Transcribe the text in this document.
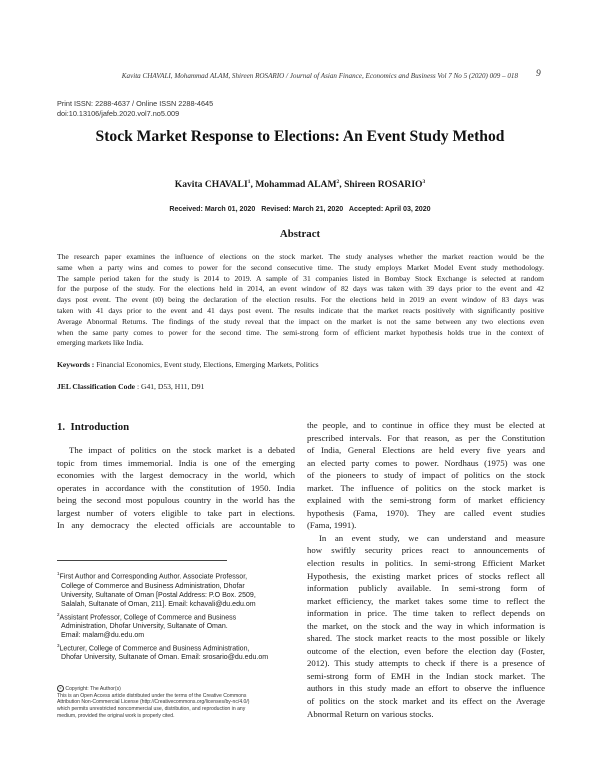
Kavita CHAVALI, Mohammad ALAM, Shireen ROSARIO / Journal of Asian Finance, Economics and Business Vol 7 No 5 (2020) 009 – 018 9
Print ISSN: 2288-4637 / Online ISSN 2288-4645
doi:10.13106/jafeb.2020.vol7.no5.009
Stock Market Response to Elections: An Event Study Method
Kavita CHAVALI$^1$, Mohammad ALAM$^2$, Shireen ROSARIO$^3$
Received: March 01, 2020   Revised: March 21, 2020   Accepted: April 03, 2020
Abstract
The research paper examines the influence of elections on the stock market. The study analyses whether the market reaction would be the
same when a party wins and comes to power for the second consecutive time. The study employs Market Model Event study methodology.
The sample period taken for the study is 2014 to 2019. A sample of 31 companies listed in Bombay Stock Exchange is selected at random
for the purpose of the study. For the elections held in 2014, an event window of 82 days was taken with 39 days prior to the event and 42
days post event. The event (t0) being the declaration of the election results. For the elections held in 2019 an event window of 83 days was
taken with 41 days prior to the event and 41 days post event. The results indicate that the market reacts positively with significantly positive
Average Abnormal Returns. The findings of the study reveal that the impact on the market is not the same between any two elections even
when the same party comes to power for the second time. The semi-strong form of efficient market hypothesis holds true in the context of
emerging markets like India.
Keywords : Financial Economics, Event study, Elections, Emerging Markets, Politics
JEL Classification Code : G41, D53, H11, D91
1.  Introduction
The impact of politics on the stock market is a debated
topic from times immemorial. India is one of the emerging
economies with the largest democracy in the world, which
operates in accordance with the constitution of 1950. India
being the second most populous country in the world has the
largest number of voters eligible to take part in elections.
In any democracy the elected officials are accountable to
the people, and to continue in office they must be elected at
prescribed intervals. For that reason, as per the Constitution
of India, General Elections are held every five years and
an elected party comes to power. Nordhaus (1975) was one
of the pioneers to study of impact of politics on the stock
market. The influence of politics on the stock market is
explained with the semi-strong form of market efficiency
hypothesis (Fama, 1970). They are called event studies
(Fama, 1991).
In an event study, we can understand and measure
how swiftly security prices react to announcements of
election results in politics. In semi-strong Efficient Market
Hypothesis, the existing market prices of stocks reflect all
information publicly available. In semi-strong form of
market efficiency, the market takes some time to reflect the
information in price. The time taken to reflect depends on
the market, on the stock and the way in which information is
shared. The stock market reacts to the most possible or likely
outcome of the election, even before the election day (Foster,
2012). This study attempts to check if there is a presence of
semi-strong form of EMH in the Indian stock market. The
authors in this study made an effort to observe the influence
of politics on the stock market and its effect on the Average
Abnormal Return on various stocks.
$^1$First Author and Corresponding Author. Associate Professor,
College of Commerce and Business Administration, Dhofar
University, Sultanate of Oman [Postal Address: P.O Box. 2509,
Salalah, Sultanate of Oman, 211]. Email: kchavali@du.edu.om
$^2$Assistant Professor, College of Commerce and Business
Administration, Dhofar University, Sultanate of Oman.
Email: malam@du.edu.om
$^3$Lecturer, College of Commerce and Business Administration,
Dhofar University, Sultanate of Oman. Email: srosario@du.edu.om
c Copyright: The Author(s)
This is an Open Access article distributed under the terms of the Creative Commons
Attribution Non-Commercial License (http://Creativecommons.org/licenses/by-nc/4.0/)
which permits unrestricted noncommercial use, distribution, and reproduction in any
medium, provided the original work is properly cited.
